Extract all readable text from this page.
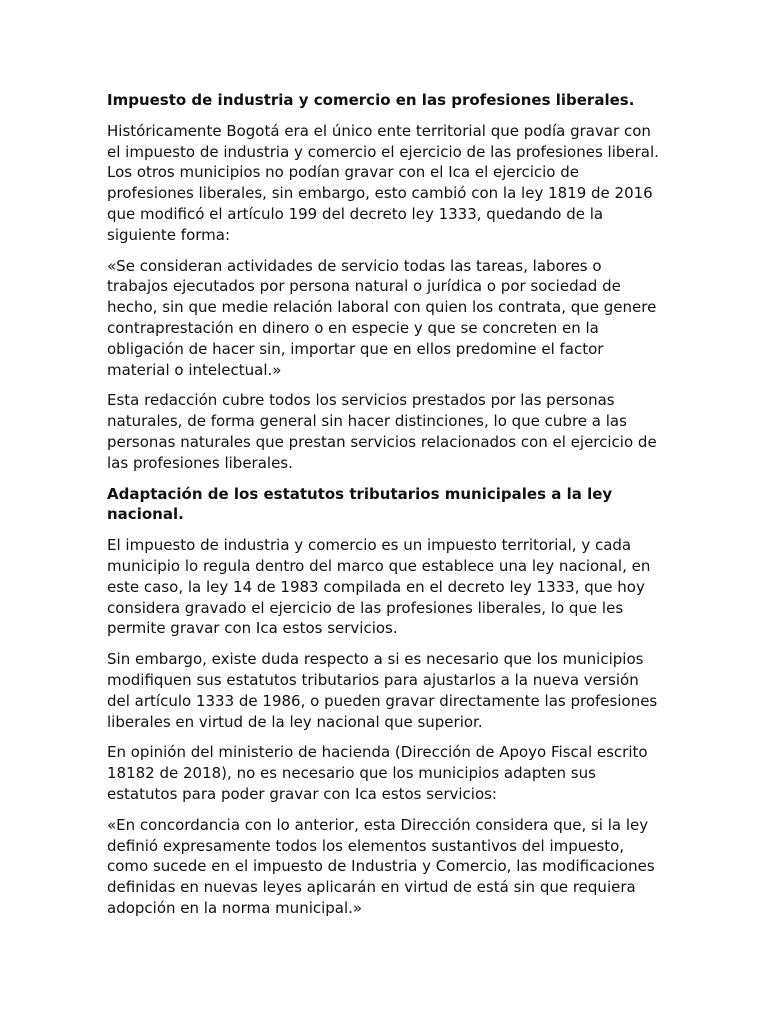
Impuesto de industria y comercio en las profesiones liberales.

Históricamente Bogotá era el único ente territorial que podía gravar con el impuesto de industria y comercio el ejercicio de las profesiones liberal. Los otros municipios no podían gravar con el Ica el ejercicio de profesiones liberales, sin embargo, esto cambió con la ley 1819 de 2016 que modificó el artículo 199 del decreto ley 1333, quedando de la siguiente forma:

«Se consideran actividades de servicio todas las tareas, labores o trabajos ejecutados por persona natural o jurídica o por sociedad de hecho, sin que medie relación laboral con quien los contrata, que genere contraprestación en dinero o en especie y que se concreten en la obligación de hacer sin, importar que en ellos predomine el factor material o intelectual.»

Esta redacción cubre todos los servicios prestados por las personas naturales, de forma general sin hacer distinciones, lo que cubre a las personas naturales que prestan servicios relacionados con el ejercicio de las profesiones liberales.

Adaptación de los estatutos tributarios municipales a la ley nacional.

El impuesto de industria y comercio es un impuesto territorial, y cada municipio lo regula dentro del marco que establece una ley nacional, en este caso, la ley 14 de 1983 compilada en el decreto ley 1333, que hoy considera gravado el ejercicio de las profesiones liberales, lo que les permite gravar con Ica estos servicios.

Sin embargo, existe duda respecto a si es necesario que los municipios modifiquen sus estatutos tributarios para ajustarlos a la nueva versión del artículo 1333 de 1986, o pueden gravar directamente las profesiones liberales en virtud de la ley nacional que superior.

En opinión del ministerio de hacienda (Dirección de Apoyo Fiscal escrito 18182 de 2018), no es necesario que los municipios adapten sus estatutos para poder gravar con Ica estos servicios:

«En concordancia con lo anterior, esta Dirección considera que, si la ley definió expresamente todos los elementos sustantivos del impuesto, como sucede en el impuesto de Industria y Comercio, las modificaciones definidas en nuevas leyes aplicarán en virtud de está sin que requiera adopción en la norma municipal.»
